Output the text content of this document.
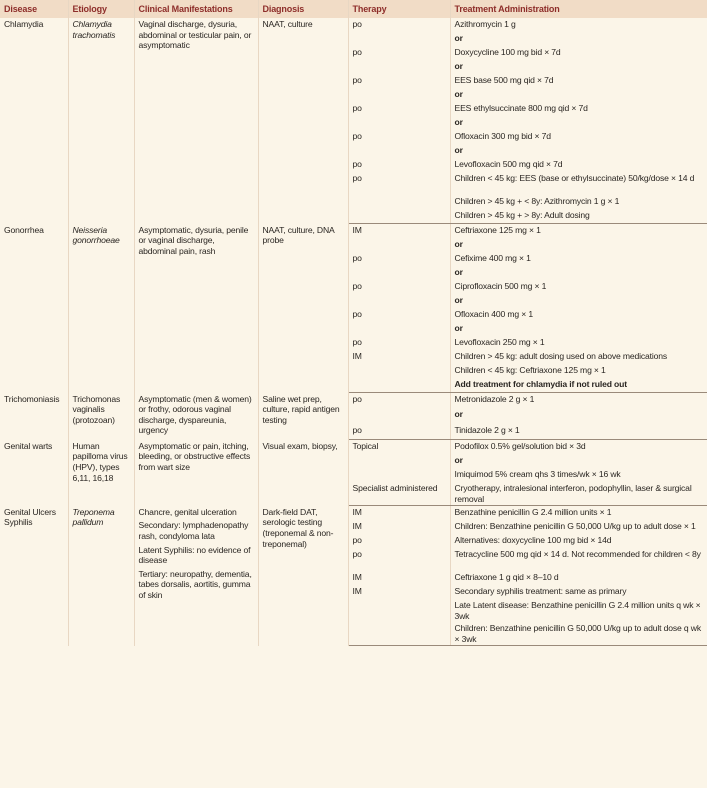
Disease	Etiology	Clinical Manifestations	Diagnosis	Therapy	Treatment Administration
Chlamydia	Chlamydia trachomatis	Vaginal discharge, dysuria, abdominal or testicular pain, or asymptomatic	NAAT, culture	po	Azithromycin 1 g
					or
				po	Doxycycline 100 mg bid × 7d
					or
				po	EES base 500 mg qid × 7d
					or
				po	EES ethylsuccinate 800 mg qid × 7d
					or
				po	Ofloxacin 300 mg bid × 7d
					or
				po	Levofloxacin 500 mg qid × 7d
				po	Children < 45 kg: EES (base or ethylsuccinate) 50/kg/dose × 14 d
					Children > 45 kg + < 8y: Azithromycin 1 g × 1
					Children > 45 kg + > 8y: Adult dosing
Gonorrhea	Neisseria gonorrhoeae	Asymptomatic, dysuria, penile or vaginal discharge, abdominal pain, rash	NAAT, culture, DNA probe	IM	Ceftriaxone 125 mg × 1
					or
				po	Cefixime 400 mg × 1
					or
				po	Ciprofloxacin 500 mg × 1
					or
				po	Ofloxacin 400 mg × 1
					or
				po	Levofloxacin 250 mg × 1
				IM	Children > 45 kg: adult dosing used on above medications
					Children < 45 kg: Ceftriaxone 125 mg × 1
					Add treatment for chlamydia if not ruled out
Trichomoniasis	Trichomonas vaginalis (protozoan)	Asymptomatic (men & women) or frothy, odorous vaginal discharge, dyspareunia, urgency	Saline wet prep, culture, rapid antigen testing	po	Metronidazole 2 g × 1
					or
				po	Tinidazole 2 g × 1
Genital warts	Human papilloma virus (HPV), types 6,11, 16,18	Asymptomatic or pain, itching, bleeding, or obstructive effects from wart size	Visual exam, biopsy,	Topical	Podofilox 0.5% gel/solution bid × 3d
					or
					Imiquimod 5% cream qhs 3 times/wk × 16 wk
				Specialist administered	Cryotherapy, intralesional interferon, podophyllin, laser & surgical removal
Genital Ulcers Syphilis	Treponema pallidum	Chancre, genital ulceration
Secondary: lymphadenopathy rash, condyloma lata
Latent Syphilis: no evidence of disease
Tertiary: neuropathy, dementia, tabes dorsalis, aortitis, gumma of skin	Dark-field DAT, serologic testing (treponemal & non-treponemal)	IM	Benzathine penicillin G 2.4 million units × 1
				IM	Children: Benzathine penicillin G 50,000 U/kg up to adult dose × 1
				po	Alternatives: doxycycline 100 mg bid × 14d
				po	Tetracycline 500 mg qid × 14 d. Not recommended for children < 8y
				IM	Ceftriaxone 1 g qid × 8–10 d
				IM	Secondary syphilis treatment: same as primary
					Late Latent disease: Benzathine penicillin G 2.4 million units q wk × 3wk
					Children: Benzathine penicillin G 50,000 U/kg up to adult dose q wk × 3wk
